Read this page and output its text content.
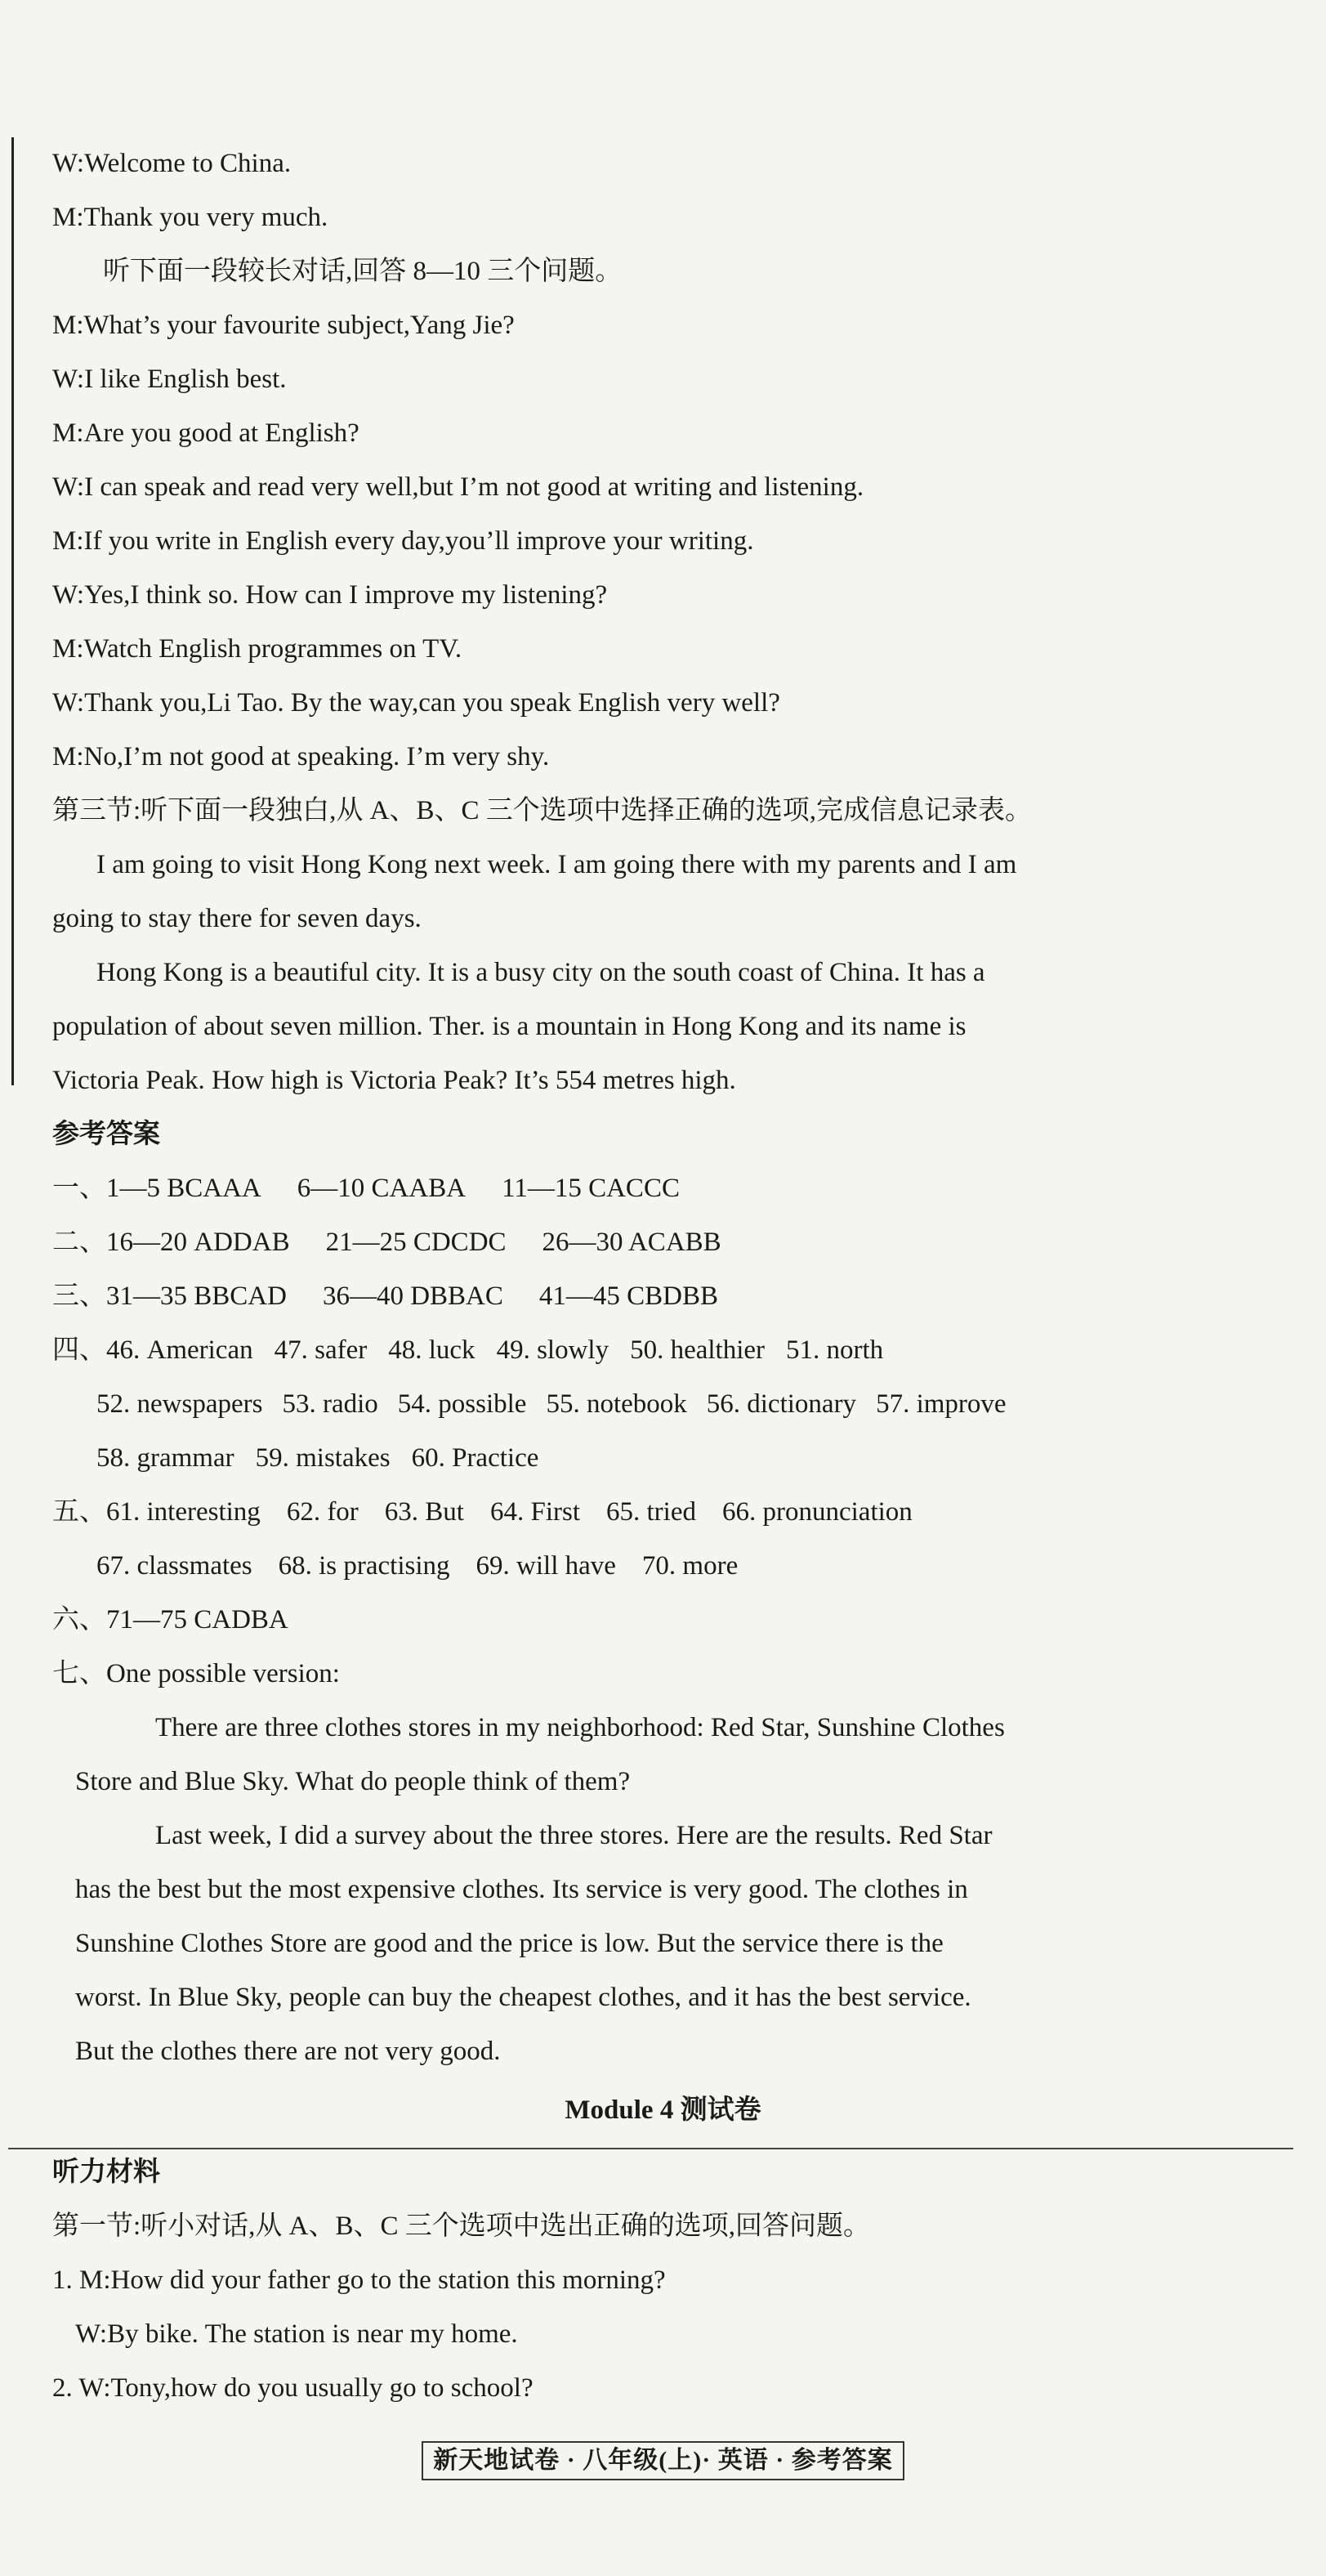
W:Welcome to China.
M:Thank you very much.
听下面一段较长对话,回答 8—10 三个问题。
M:What’s your favourite subject,Yang Jie?
W:I like English best.
M:Are you good at English?
W:I can speak and read very well,but I’m not good at writing and listening.
M:If you write in English every day,you’ll improve your writing.
W:Yes,I think so. How can I improve my listening?
M:Watch English programmes on TV.
W:Thank you,Li Tao. By the way,can you speak English very well?
M:No,I’m not good at speaking. I’m very shy.
第三节:听下面一段独白,从 A、B、C 三个选项中选择正确的选项,完成信息记录表。
I am going to visit Hong Kong next week. I am going there with my parents and I am
going to stay there for seven days.
Hong Kong is a beautiful city. It is a busy city on the south coast of China. It has a
population of about seven million. Ther. is a mountain in Hong Kong and its name is
Victoria Peak. How high is Victoria Peak? It’s 554 metres high.
参考答案
一、1—5 BCAAA 6—10 CAABA 11—15 CACCC
二、16—20 ADDAB 21—25 CDCDC 26—30 ACABB
三、31—35 BBCAD 36—40 DBBAC 41—45 CBDBB
四、46. American 47. safer 48. luck 49. slowly 50. healthier 51. north
52. newspapers 53. radio 54. possible 55. notebook 56. dictionary 57. improve
58. grammar 59. mistakes 60. Practice
五、61. interesting 62. for 63. But 64. First 65. tried 66. pronunciation
67. classmates 68. is practising 69. will have 70. more
六、71—75 CADBA
七、One possible version:
There are three clothes stores in my neighborhood: Red Star, Sunshine Clothes
Store and Blue Sky. What do people think of them?
Last week, I did a survey about the three stores. Here are the results. Red Star
has the best but the most expensive clothes. Its service is very good. The clothes in
Sunshine Clothes Store are good and the price is low. But the service there is the
worst. In Blue Sky, people can buy the cheapest clothes, and it has the best service.
But the clothes there are not very good.
Module 4 测试卷
听力材料
第一节:听小对话,从 A、B、C 三个选项中选出正确的选项,回答问题。
1. M:How did your father go to the station this morning?
W:By bike. The station is near my home.
2. W:Tony,how do you usually go to school?
新天地试卷 · 八年级(上)· 英语 · 参考答案
